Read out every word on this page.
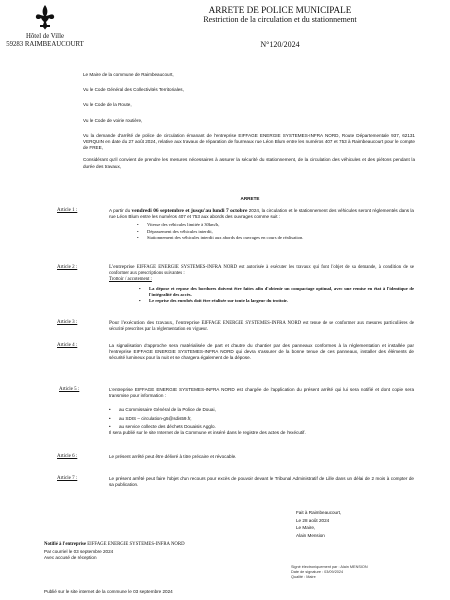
Hôtel de Ville
59283 RAIMBEAUCOURT
ARRETE DE POLICE MUNICIPALE
Restriction de la circulation et du stationnement
N°120/2024
Le Maire de la commune de Raimbeaucourt,
Vu le Code Général des Collectivités Territoriales,
Vu le Code de la Route,
Vu le Code de voirie routière,
Vu la demande d'arrêté de police de circulation émanant de l'entreprise EIFFAGE ENERGIE SYSTEMES-INFRA NORD, Route Départementale 937, 62131 VERQUIN en date du 27 août 2024, relative aux travaux de réparation de fourreaux rue Léon Blum entre les numéros 407 et 753 à Raimbeaucourt pour le compte de FREE,
Considérant qu'il convient de prendre les mesures nécessaires à assurer la sécurité du stationnement, de la circulation des véhicules et des piétons pendant la durée des travaux,
ARRETE
Article 1 :	A partir du vendredi 06 septembre et jusqu'au lundi 7 octobre 2024, la circulation et le stationnement des véhicules seront réglementés dans la rue Léon Blum entre les numéros 407 et 753 aux abords des ouvrages comme suit :
• Vitesse des véhicules limitée à 30km/h,
• Dépassement des véhicules interdit,
• Stationnement des véhicules interdit aux abords des ouvrages en cours de réalisation.
Article 2 :	L'entreprise EIFFAGE ENERGIE SYSTEMES-INFRA NORD est autorisée à exécuter les travaux qui font l'objet de sa demande, à condition de se conformer aux prescriptions suivantes :
Trottoir / accotement :
• La dépose et repose des bordures doivent être faites afin d'obtenir un compactage optimal, avec une remise en état à l'identique de l'intégralité des accès.
• Le reprise des enrobés doit être réalisée sur toute la largeur du trottoir.
Article 3 :	Pour l'exécution des travaux, l'entreprise EIFFAGE ENERGIE SYSTEMES-INFRA NORD est tenue de se conformer aux mesures particulières de sécurité prescrites par la réglementation en vigueur.
Article 4 :	La signalisation d'approche sera matérialisée de part et d'autre du chantier par des panneaux conformes à la réglementation et installée par l'entreprise EIFFAGE ENERGIE SYSTEMES-INFRA NORD qui devra s'assurer de la bonne tenue de ces panneaux, installer des éléments de sécurité lumineux pour la nuit et se chargera également de la dépose.
Article 5 :	L'entreprise EIFFAGE ENERGIE SYSTEMES-INFRA NORD est chargée de l'application du présent arrêté qui lui sera notifié et dont copie sera transmise pour information :
• au Commissaire Général de la Police de Douai,
• au SDIS – circulation-g5@sdis59.fr,
• au service collecte des déchets Douaisis Agglo.
Il sera publié sur le site Internet de la Commune et inséré dans le registre des actes de l'exécutif.
Article 6 :	Le présent arrêté peut être délivré à titre précaire et révocable.
Article 7 :	Le présent arrêté peut faire l'objet d'un recours pour excès de pouvoir devant le Tribunal Administratif de Lille dans un délai de 2 mois à compter de sa publication.
Fait à Raimbeaucourt,
Le 28 août 2024
Le Maire,
Alain Mension
Notifié à l'entreprise EIFFAGE ENERGIE SYSTEMES-INFRA NORD
Par courriel le 03 septembre 2024
Avec accusé de réception
Signé électroniquement par : Alain MENSION
Date de signature : 03/09/2024
Qualité : Maire
Publié sur le site internet de la commune le 03 septembre 2024
